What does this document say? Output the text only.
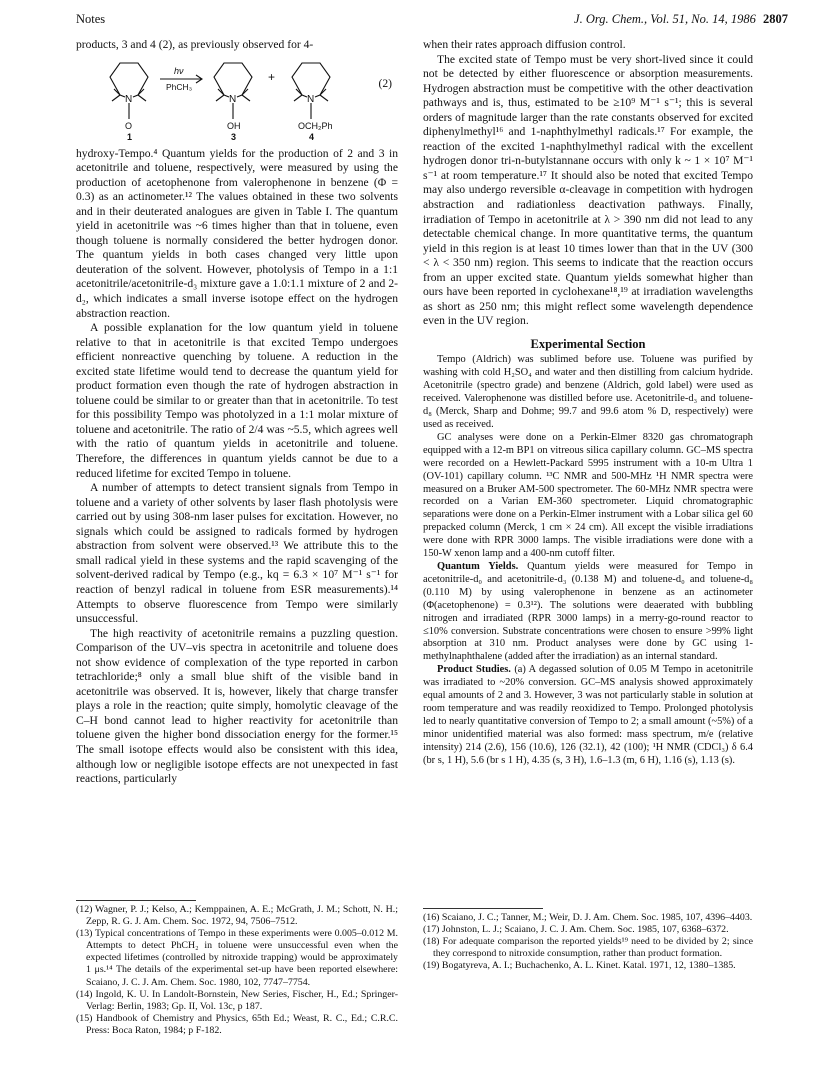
Notes	J. Org. Chem., Vol. 51, No. 14, 1986 2807

products, 3 and 4 (2), as previously observed for 4-

N	N	N
hν
PhCH₃
+
O	OH	OCH₂Ph
1	3	4
(2)

hydroxy-Tempo.⁴ Quantum yields for the production of 2 and 3 in acetonitrile and toluene, respectively, were measured by using the production of acetophenone from valerophenone in benzene (Φ = 0.3) as an actinometer.¹² The values obtained in these two solvents and in their deuterated analogues are given in Table I. The quantum yield in acetonitrile was ~6 times higher than that in toluene, even though toluene is normally considered the better hydrogen donor. The quantum yields in both cases changed very little upon deuteration of the solvent. However, photolysis of Tempo in a 1:1 acetonitrile/acetonitrile-d₃ mixture gave a 1.0:1.1 mixture of 2 and 2-d₂, which indicates a small inverse isotope effect on the hydrogen abstraction reaction.

A possible explanation for the low quantum yield in toluene relative to that in acetonitrile is that excited Tempo undergoes efficient nonreactive quenching by toluene. A reduction in the excited state lifetime would tend to decrease the quantum yield for product formation even though the rate of hydrogen abstraction in toluene could be similar to or greater than that in acetonitrile. To test for this possibility Tempo was photolyzed in a 1:1 molar mixture of toluene and acetonitrile. The ratio of 2/4 was ~5.5, which agrees well with the ratio of quantum yields in acetonitrile and toluene. Therefore, the differences in quantum yields cannot be due to a reduced lifetime for excited Tempo in toluene.

A number of attempts to detect transient signals from Tempo in toluene and a variety of other solvents by laser flash photolysis were carried out by using 308-nm laser pulses for excitation. However, no signals which could be assigned to radicals formed by hydrogen abstraction from solvent were observed.¹³ We attribute this to the small radical yield in these systems and the rapid scavenging of the solvent-derived radical by Tempo (e.g., kq = 6.3 × 10⁷ M⁻¹ s⁻¹ for reaction of benzyl radical in toluene from ESR measurements).¹⁴ Attempts to observe fluorescence from Tempo were similarly unsuccessful.

The high reactivity of acetonitrile remains a puzzling question. Comparison of the UV–vis spectra in acetonitrile and toluene does not show evidence of complexation of the type reported in carbon tetrachloride;⁸ only a small blue shift of the visible band in acetonitrile was observed. It is, however, likely that charge transfer plays a role in the reaction; quite simply, homolytic cleavage of the C–H bond cannot lead to higher reactivity for acetonitrile than toluene given the higher bond dissociation energy for the former.¹⁵ The small isotope effects would also be consistent with this idea, although low or negligible isotope effects are not unexpected in fast reactions, particularly

when their rates approach diffusion control.

The excited state of Tempo must be very short-lived since it could not be detected by either fluorescence or absorption measurements. Hydrogen abstraction must be competitive with the other deactivation pathways and is, thus, estimated to be ≥10⁹ M⁻¹ s⁻¹; this is several orders of magnitude larger than the rate constants observed for excited diphenylmethyl¹⁶ and 1-naphthylmethyl radicals.¹⁷ For example, the reaction of the excited 1-naphthylmethyl radical with the excellent hydrogen donor tri-n-butylstannane occurs with only k ~ 1 × 10⁷ M⁻¹ s⁻¹ at room temperature.¹⁷ It should also be noted that excited Tempo may also undergo reversible α-cleavage in competition with hydrogen abstraction and radiationless deactivation pathways. Finally, irradiation of Tempo in acetonitrile at λ > 390 nm did not lead to any detectable chemical change. In more quantitative terms, the quantum yield in this region is at least 10 times lower than that in the UV (300 < λ < 350 nm) region. This seems to indicate that the reaction occurs from an upper excited state. Quantum yields somewhat higher than ours have been reported in cyclohexane¹⁸,¹⁹ at irradiation wavelengths as short as 250 nm; this might reflect some wavelength dependence even in the UV region.

Experimental Section

Tempo (Aldrich) was sublimed before use. Toluene was purified by washing with cold H₂SO₄ and water and then distilling from calcium hydride. Acetonitrile (spectro grade) and benzene (Aldrich, gold label) were used as received. Valerophenone was distilled before use. Acetonitrile-d₃ and toluene-d₈ (Merck, Sharp and Dohme; 99.7 and 99.6 atom % D, respectively) were used as received.

GC analyses were done on a Perkin-Elmer 8320 gas chromatograph equipped with a 12-m BP1 on vitreous silica capillary column. GC–MS spectra were recorded on a Hewlett-Packard 5995 instrument with a 10-m Ultra 1 (OV-101) capillary column. ¹³C NMR and 500-MHz ¹H NMR spectra were measured on a Bruker AM-500 spectrometer. The 60-MHz NMR spectra were recorded on a Varian EM-360 spectrometer. Liquid chromatographic separations were done on a Perkin-Elmer instrument with a Lobar silica gel 60 prepacked column (Merck, 1 cm × 24 cm). All except the visible irradiations were done with RPR 3000 lamps. The visible irradiations were done with a 150-W xenon lamp and a 400-nm cutoff filter.

Quantum Yields. Quantum yields were measured for Tempo in acetonitrile-d₀ and acetonitrile-d₃ (0.138 M) and toluene-d₀ and toluene-d₈ (0.110 M) by using valerophenone in benzene as an actinometer (Φ(acetophenone) = 0.3¹²). The solutions were deaerated with bubbling nitrogen and irradiated (RPR 3000 lamps) in a merry-go-round reactor to ≤10% conversion. Substrate concentrations were chosen to ensure >99% light absorption at 310 nm. Product analyses were done by GC using 1-methylnaphthalene (added after the irradiation) as an internal standard.

Product Studies. (a) A degassed solution of 0.05 M Tempo in acetonitrile was irradiated to ~20% conversion. GC–MS analysis showed approximately equal amounts of 2 and 3. However, 3 was not particularly stable in solution at room temperature and was readily reoxidized to Tempo. Prolonged photolysis led to nearly quantitative conversion of Tempo to 2; a small amount (~5%) of a minor unidentified material was also formed: mass spectrum, m/e (relative intensity) 214 (2.6), 156 (10.6), 126 (32.1), 42 (100); ¹H NMR (CDCl₃) δ 6.4 (br s, 1 H), 5.6 (br s 1 H), 4.35 (s, 3 H), 1.6–1.3 (m, 6 H), 1.16 (s), 1.13 (s).

(12) Wagner, P. J.; Kelso, A.; Kemppainen, A. E.; McGrath, J. M.; Schott, N. H.; Zepp, R. G. J. Am. Chem. Soc. 1972, 94, 7506–7512.

(13) Typical concentrations of Tempo in these experiments were 0.005–0.012 M. Attempts to detect PhCH₂ in toluene were unsuccessful even when the expected lifetimes (controlled by nitroxide trapping) would be approximately 1 μs.¹⁴ The details of the experimental set-up have been reported elsewhere: Scaiano, J. C. J. Am. Chem. Soc. 1980, 102, 7747–7754.

(14) Ingold, K. U. In Landolt-Bornstein, New Series, Fischer, H., Ed.; Springer-Verlag: Berlin, 1983; Gp. II, Vol. 13c, p 187.

(15) Handbook of Chemistry and Physics, 65th Ed.; Weast, R. C., Ed.; C.R.C. Press: Boca Raton, 1984; p F-182.

(16) Scaiano, J. C.; Tanner, M.; Weir, D. J. Am. Chem. Soc. 1985, 107, 4396–4403.

(17) Johnston, L. J.; Scaiano, J. C. J. Am. Chem. Soc. 1985, 107, 6368–6372.

(18) For adequate comparison the reported yields¹⁹ need to be divided by 2; since they correspond to nitroxide consumption, rather than product formation.

(19) Bogatyreva, A. I.; Buchachenko, A. L. Kinet. Katal. 1971, 12, 1380–1385.
